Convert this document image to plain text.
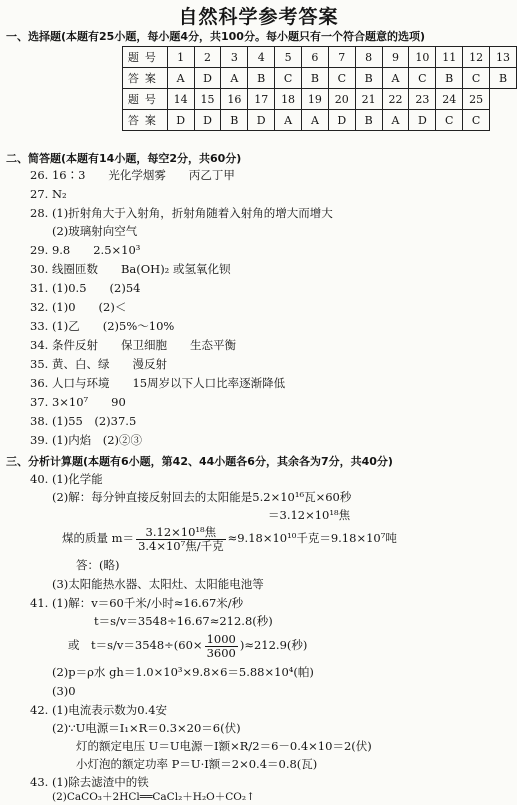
自然科学参考答案
一、选择题(本题有25小题，每小题4分，共100分。每小题只有一个符合题意的选项)
题号	1	2	3	4	5	6	7	8	9	10	11	12	13
答案	A	D	A	B	C	B	C	B	A	C	B	C	B
题号	14	15	16	17	18	19	20	21	22	23	24	25	
答案	D	D	B	D	A	A	D	B	A	D	C	C	
二、简答题(本题有14小题，每空2分，共60分)
26. 16∶3　　光化学烟雾　　丙乙丁甲
27. N₂
28. (1)折射角大于入射角，折射角随着入射角的增大而增大
(2)玻璃射向空气
29. 9.8　　2.5×10³
30. 线圈匝数　　Ba(OH)₂ 或氢氧化钡
31. (1)0.5　　(2)54
32. (1)0　　(2)＜
33. (1)乙　　(2)5%～10%
34. 条件反射　　保卫细胞　　生态平衡
35. 黄、白、绿　　漫反射
36. 人口与环境　　15周岁以下人口比率逐渐降低
37. 3×10⁷　　90
38. (1)55　(2)37.5
39. (1)内焰　(2)②③
三、分析计算题(本题有6小题，第42、44小题各6分，其余各为7分，共40分)
40. (1)化学能
(2)解：每分钟直接反射回去的太阳能是5.2×10¹⁶瓦×60秒
＝3.12×10¹⁸焦
煤的质量 $m= \frac{\text{3.12×10¹⁸焦}}{\text{3.4×10⁷焦/千克}} \approx 9.18\times 10^{10}$千克＝9.18×10⁷吨
答：(略)
(3)太阳能热水器、太阳灶、太阳能电池等
41. (1)解：v＝60千米/小时≈16.67米/秒
t＝s/v＝3548÷16.67≈212.8(秒)
或　$t=s/v=3548\div(60\times \frac{1000}{3600} )\approx 212.9$(秒)
(2)p＝ρ水 gh＝1.0×10³×9.8×6＝5.88×10⁴(帕)
(3)0
42. (1)电流表示数为0.4安
(2)∵U电源＝I₁×R＝0.3×20＝6(伏)
灯的额定电压 U＝U电源－I额×R/2＝6－0.4×10＝2(伏)
小灯泡的额定功率 P＝U·I额＝2×0.4＝0.8(瓦)
43. (1)除去滤渣中的铁
(2)CaCO₃＋2HCl══CaCl₂＋H₂O＋CO₂↑
